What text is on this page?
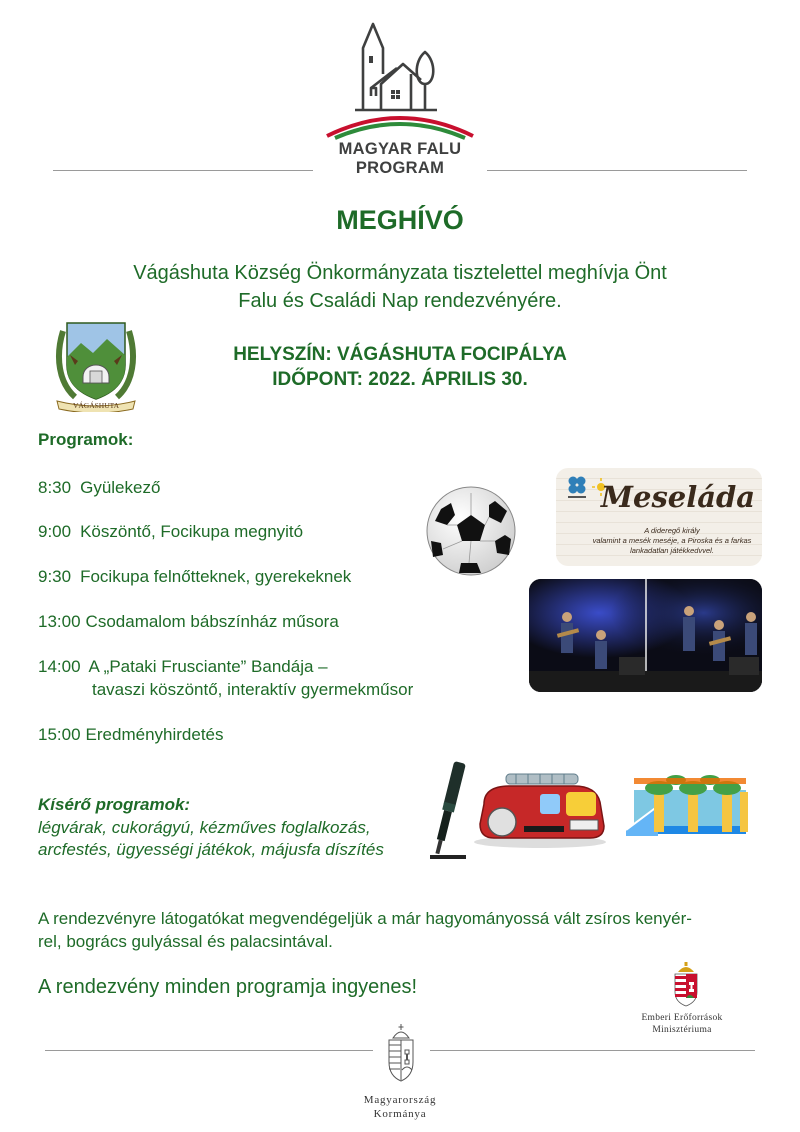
MAGYAR FALU
PROGRAM
MEGHÍVÓ
Vágáshuta Község Önkormányzata tisztelettel meghívja Önt
Falu és Családi Nap rendezvényére.
VÁGÁSHUTA
HELYSZÍN: VÁGÁSHUTA FOCIPÁLYA
IDŐPONT: 2022. ÁPRILIS 30.
Programok:
8:30 Gyülekező
9:00 Köszöntő, Focikupa megnyitó
9:30 Focikupa felnőtteknek, gyerekeknek
13:00 Csodamalom bábszínház műsora
14:00 A „Pataki Frusciante” Bandája –
tavaszi köszöntő, interaktív gyermekműsor
15:00 Eredményhirdetés
Meseláda
A dideregő király
valamint a mesék meséje, a Piroska és a farkas
lankadatlan játékkedvvel.
Kísérő programok:
légvárak, cukorágyú, kézműves foglalkozás,
arcfestés, ügyességi játékok, májusfa díszítés
A rendezvényre látogatókat megvendégeljük a már hagyományossá vált zsíros kenyér-
rel, bogrács gulyással és palacsintával.
A rendezvény minden programja ingyenes!
Emberi Erőforrások
Minisztériuma
Magyarország
Kormánya
